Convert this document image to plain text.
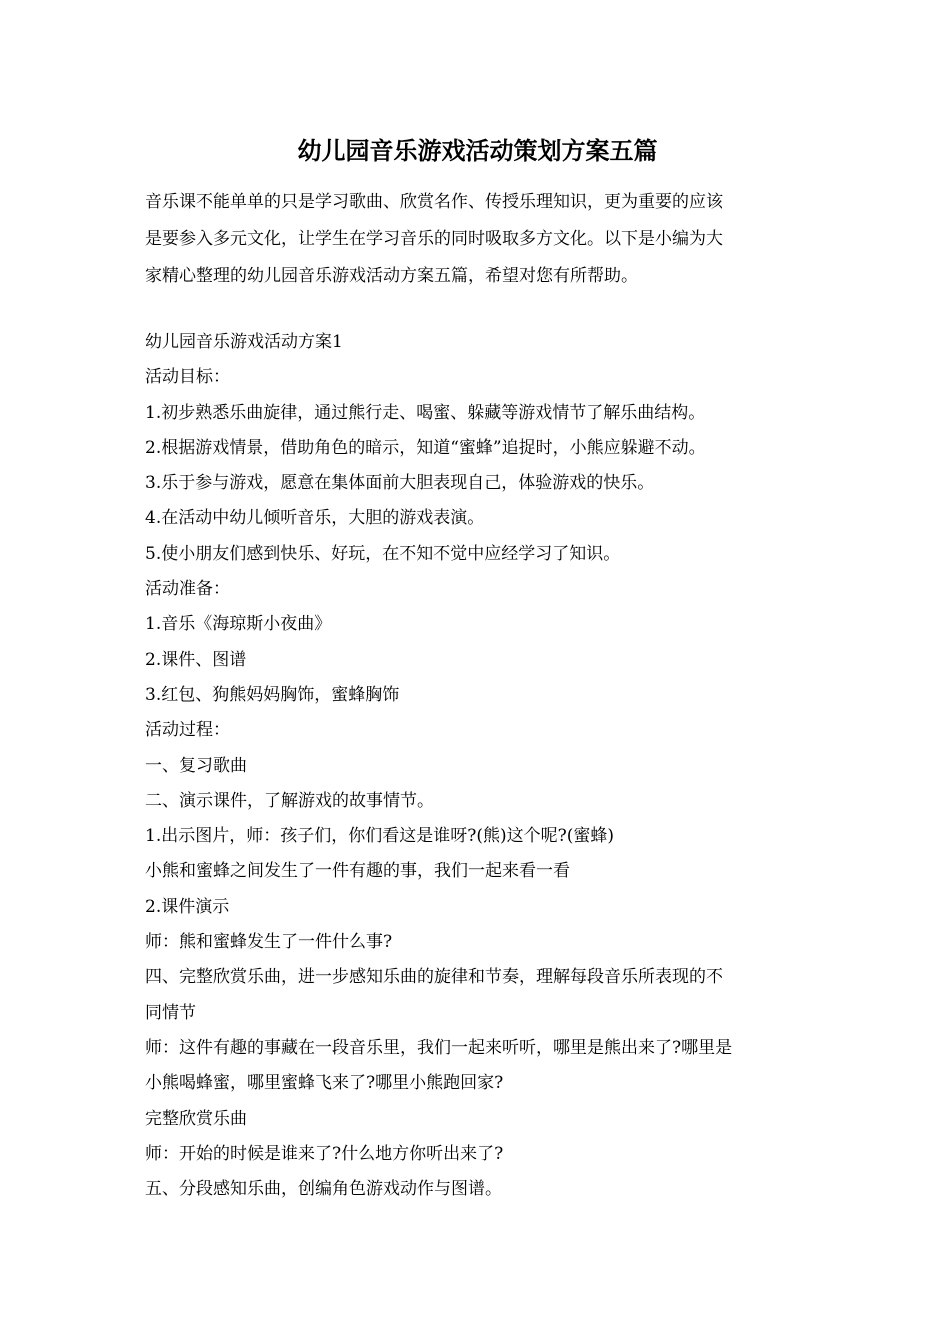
幼儿园音乐游戏活动策划方案五篇

音乐课不能单单的只是学习歌曲、欣赏名作、传授乐理知识，更为重要的应该

是要参入多元文化，让学生在学习音乐的同时吸取多方文化。以下是小编为大

家精心整理的幼儿园音乐游戏活动方案五篇，希望对您有所帮助。

幼儿园音乐游戏活动方案1

活动目标：

1.初步熟悉乐曲旋律，通过熊行走、喝蜜、躲藏等游戏情节了解乐曲结构。

2.根据游戏情景，借助角色的暗示，知道“蜜蜂”追捉时，小熊应躲避不动。

3.乐于参与游戏，愿意在集体面前大胆表现自己，体验游戏的快乐。

4.在活动中幼儿倾听音乐，大胆的游戏表演。

5.使小朋友们感到快乐、好玩，在不知不觉中应经学习了知识。

活动准备：

1.音乐《海琼斯小夜曲》

2.课件、图谱

3.红包、狗熊妈妈胸饰，蜜蜂胸饰

活动过程：

一、复习歌曲

二、演示课件，了解游戏的故事情节。

1.出示图片，师：孩子们，你们看这是谁呀?(熊)这个呢?(蜜蜂)

小熊和蜜蜂之间发生了一件有趣的事，我们一起来看一看

2.课件演示

师：熊和蜜蜂发生了一件什么事?

四、完整欣赏乐曲，进一步感知乐曲的旋律和节奏，理解每段音乐所表现的不

同情节

师：这件有趣的事藏在一段音乐里，我们一起来听听，哪里是熊出来了?哪里是

小熊喝蜂蜜，哪里蜜蜂飞来了?哪里小熊跑回家?

完整欣赏乐曲

师：开始的时候是谁来了?什么地方你听出来了?

五、分段感知乐曲，创编角色游戏动作与图谱。
